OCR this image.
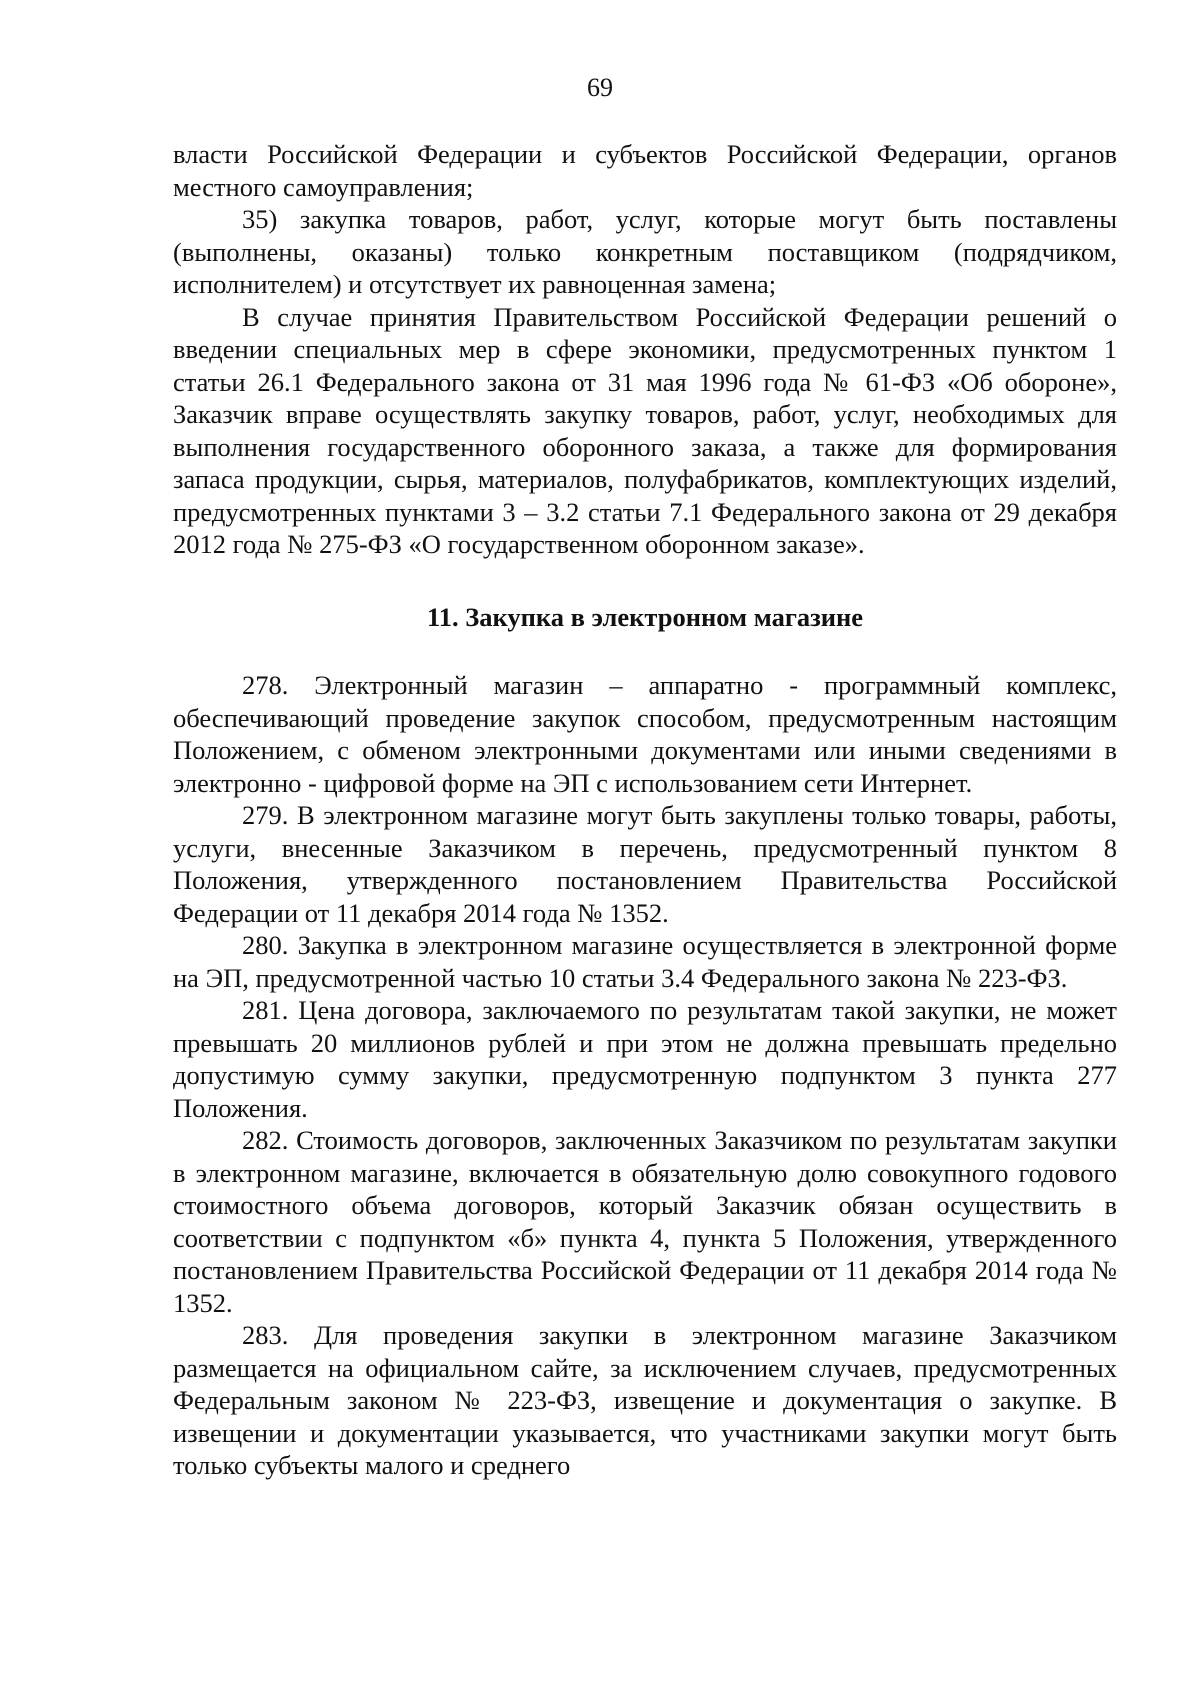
69

власти Российской Федерации и субъектов Российской Федерации, органов местного самоуправления;

35) закупка товаров, работ, услуг, которые могут быть поставлены (выполнены, оказаны) только конкретным поставщиком (подрядчиком, исполнителем) и отсутствует их равноценная замена;

В случае принятия Правительством Российской Федерации решений о введении специальных мер в сфере экономики, предусмотренных пунктом 1 статьи 26.1 Федерального закона от 31 мая 1996 года № 61-ФЗ «Об обороне», Заказчик вправе осуществлять закупку товаров, работ, услуг, необходимых для выполнения государственного оборонного заказа, а также для формирования запаса продукции, сырья, материалов, полуфабрикатов, комплектующих изделий, предусмотренных пунктами 3 – 3.2 статьи 7.1 Федерального закона от 29 декабря 2012 года № 275-ФЗ «О государственном оборонном заказе».

11. Закупка в электронном магазине

278. Электронный магазин – аппаратно - программный комплекс, обеспечивающий проведение закупок способом, предусмотренным настоящим Положением, с обменом электронными документами или иными сведениями в электронно - цифровой форме на ЭП с использованием сети Интернет.

279. В электронном магазине могут быть закуплены только товары, работы, услуги, внесенные Заказчиком в перечень, предусмотренный пунктом 8 Положения, утвержденного постановлением Правительства Российской Федерации от 11 декабря 2014 года № 1352.

280. Закупка в электронном магазине осуществляется в электронной форме на ЭП, предусмотренной частью 10 статьи 3.4 Федерального закона № 223-ФЗ.

281. Цена договора, заключаемого по результатам такой закупки, не может превышать 20 миллионов рублей и при этом не должна превышать предельно допустимую сумму закупки, предусмотренную подпунктом 3 пункта 277 Положения.

282. Стоимость договоров, заключенных Заказчиком по результатам закупки в электронном магазине, включается в обязательную долю совокупного годового стоимостного объема договоров, который Заказчик обязан осуществить в соответствии с подпунктом «б» пункта 4, пункта 5 Положения, утвержденного постановлением Правительства Российской Федерации от 11 декабря 2014 года № 1352.

283. Для проведения закупки в электронном магазине Заказчиком размещается на официальном сайте, за исключением случаев, предусмотренных Федеральным законом № 223-ФЗ, извещение и документация о закупке. В извещении и документации указывается, что участниками закупки могут быть только субъекты малого и среднего
